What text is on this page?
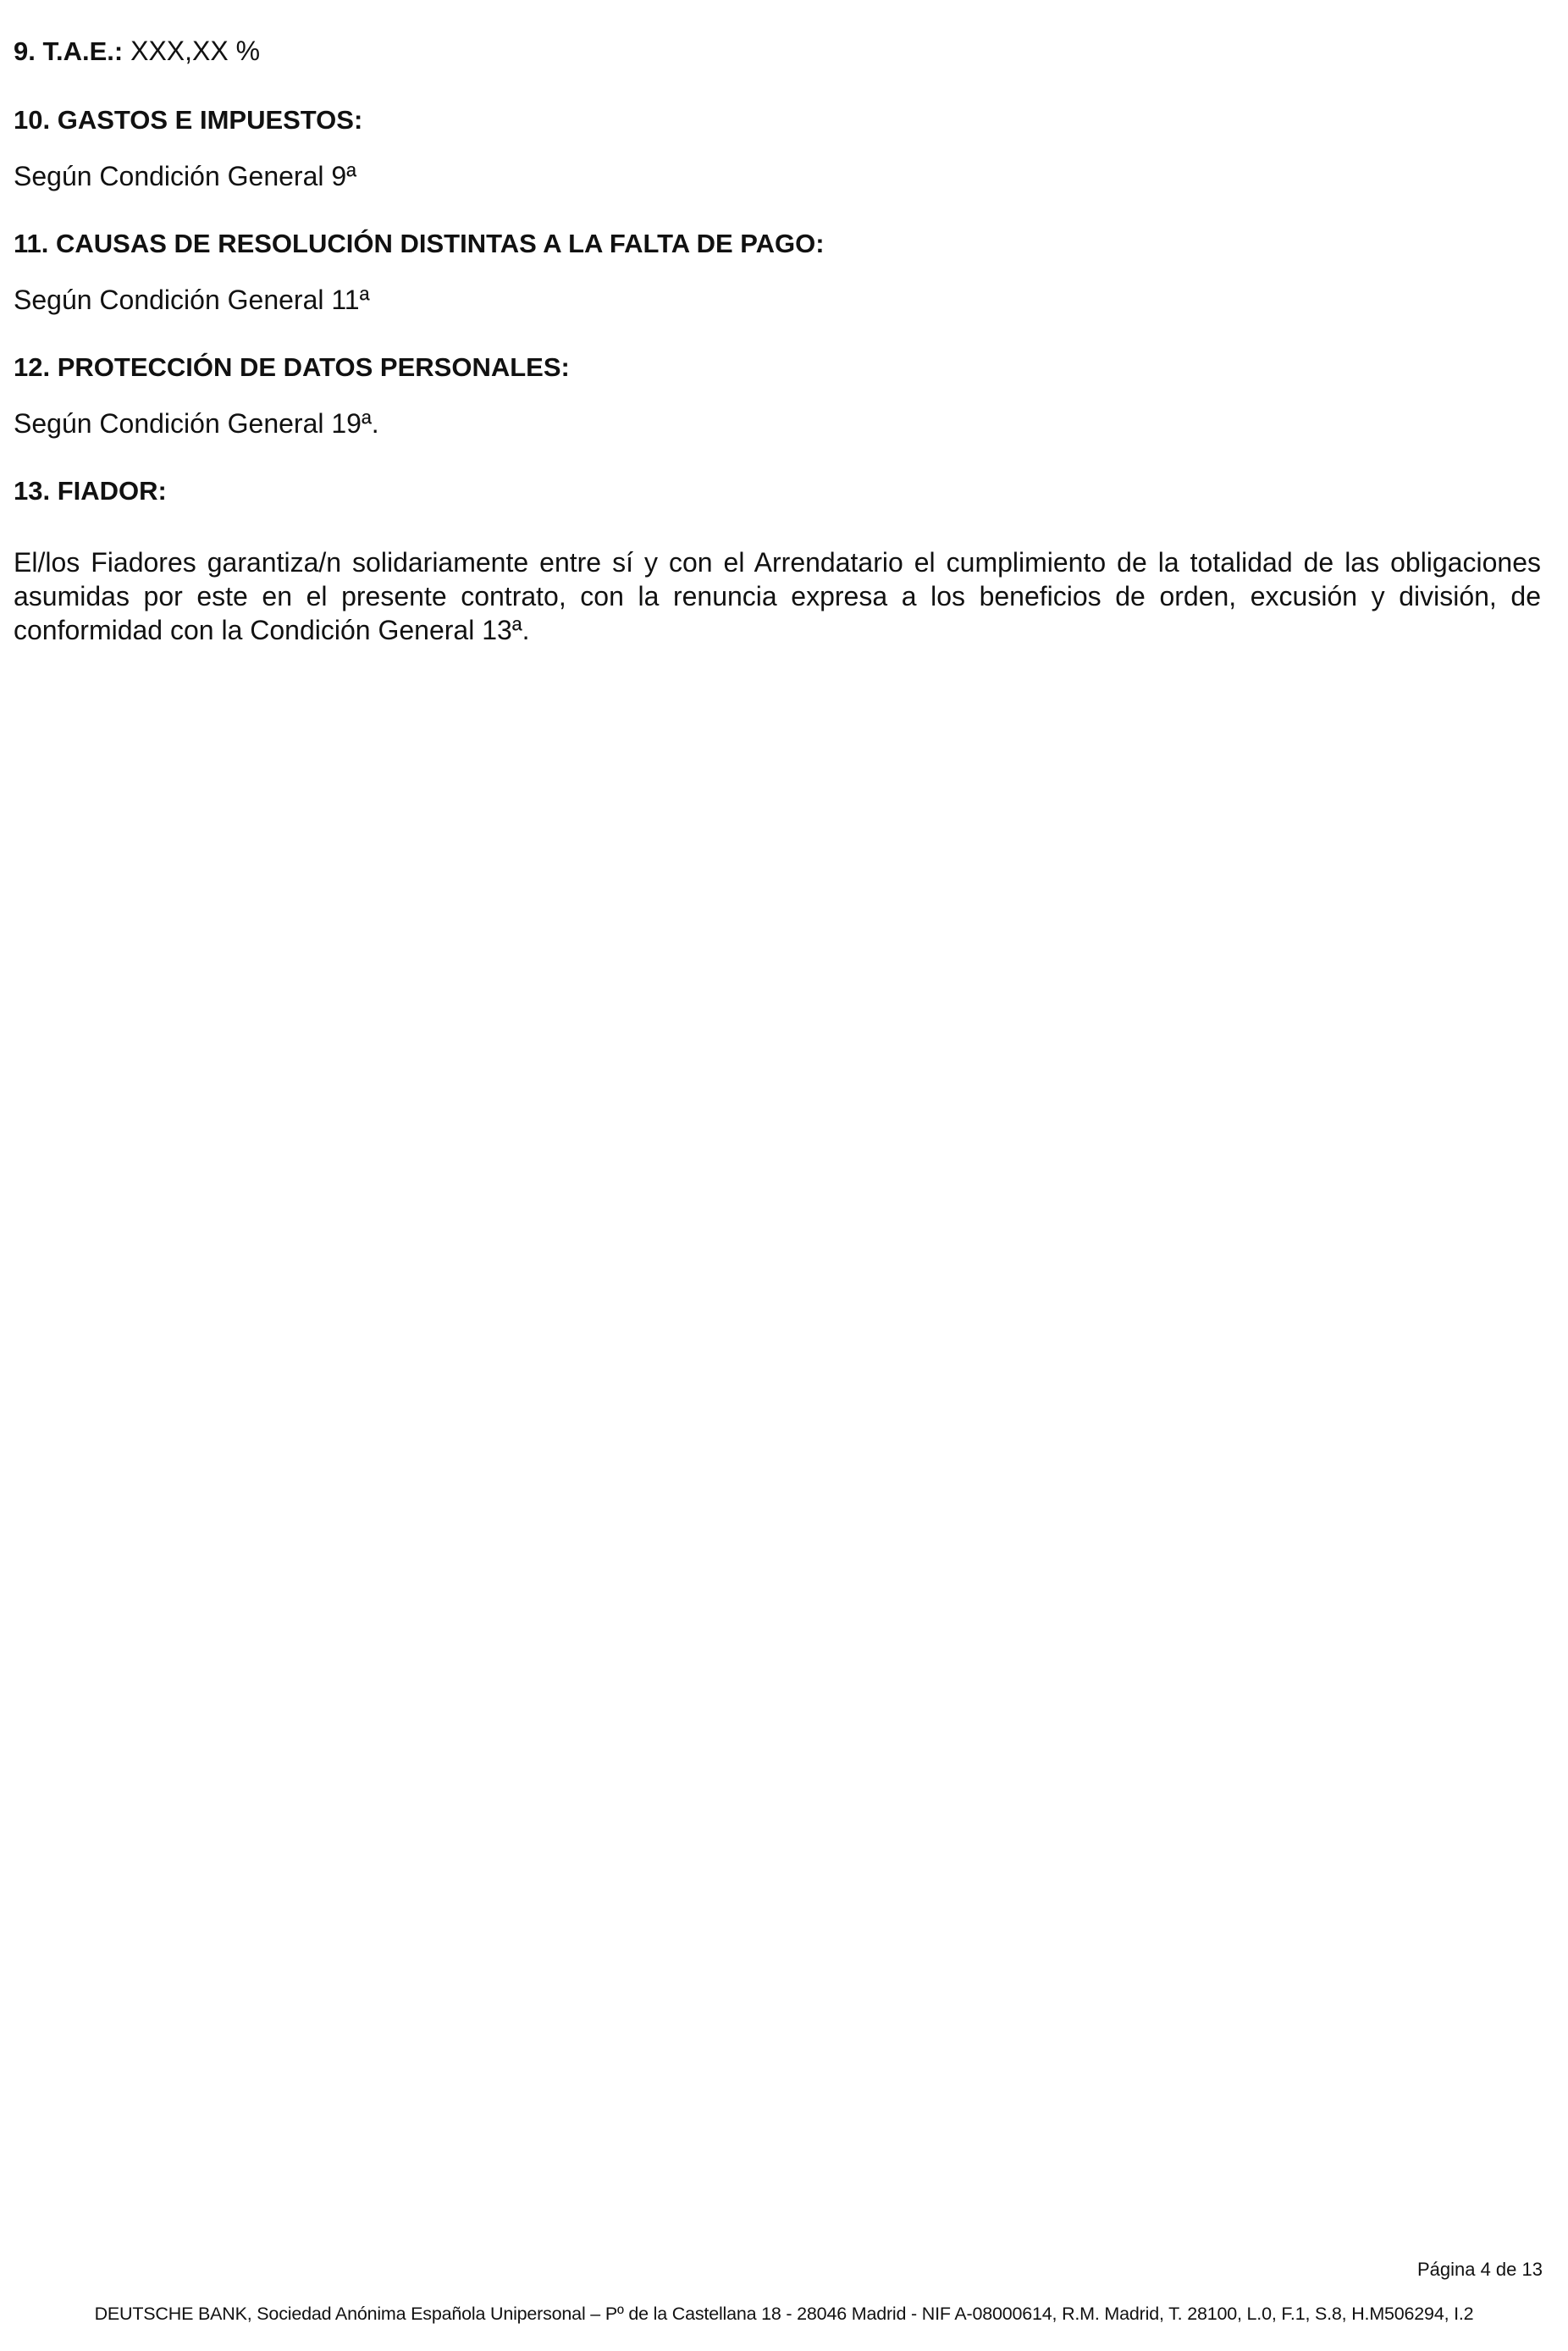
9. T.A.E.: XXX,XX %

10. GASTOS E IMPUESTOS:

Según Condición General 9ª

11. CAUSAS DE RESOLUCIÓN DISTINTAS A LA FALTA DE PAGO:

Según Condición General 11ª

12. PROTECCIÓN DE DATOS PERSONALES:

Según Condición General 19ª.

13. FIADOR:

El/los Fiadores garantiza/n solidariamente entre sí y con el Arrendatario el cumplimiento de la totalidad de las obligaciones asumidas por este en el presente contrato, con la renuncia expresa a los beneficios de orden, excusión y división, de conformidad con la Condición General 13ª.

Página 4 de 13
DEUTSCHE BANK, Sociedad Anónima Española Unipersonal – Pº de la Castellana 18 - 28046 Madrid - NIF A-08000614, R.M. Madrid, T. 28100, L.0, F.1, S.8, H.M506294, I.2
